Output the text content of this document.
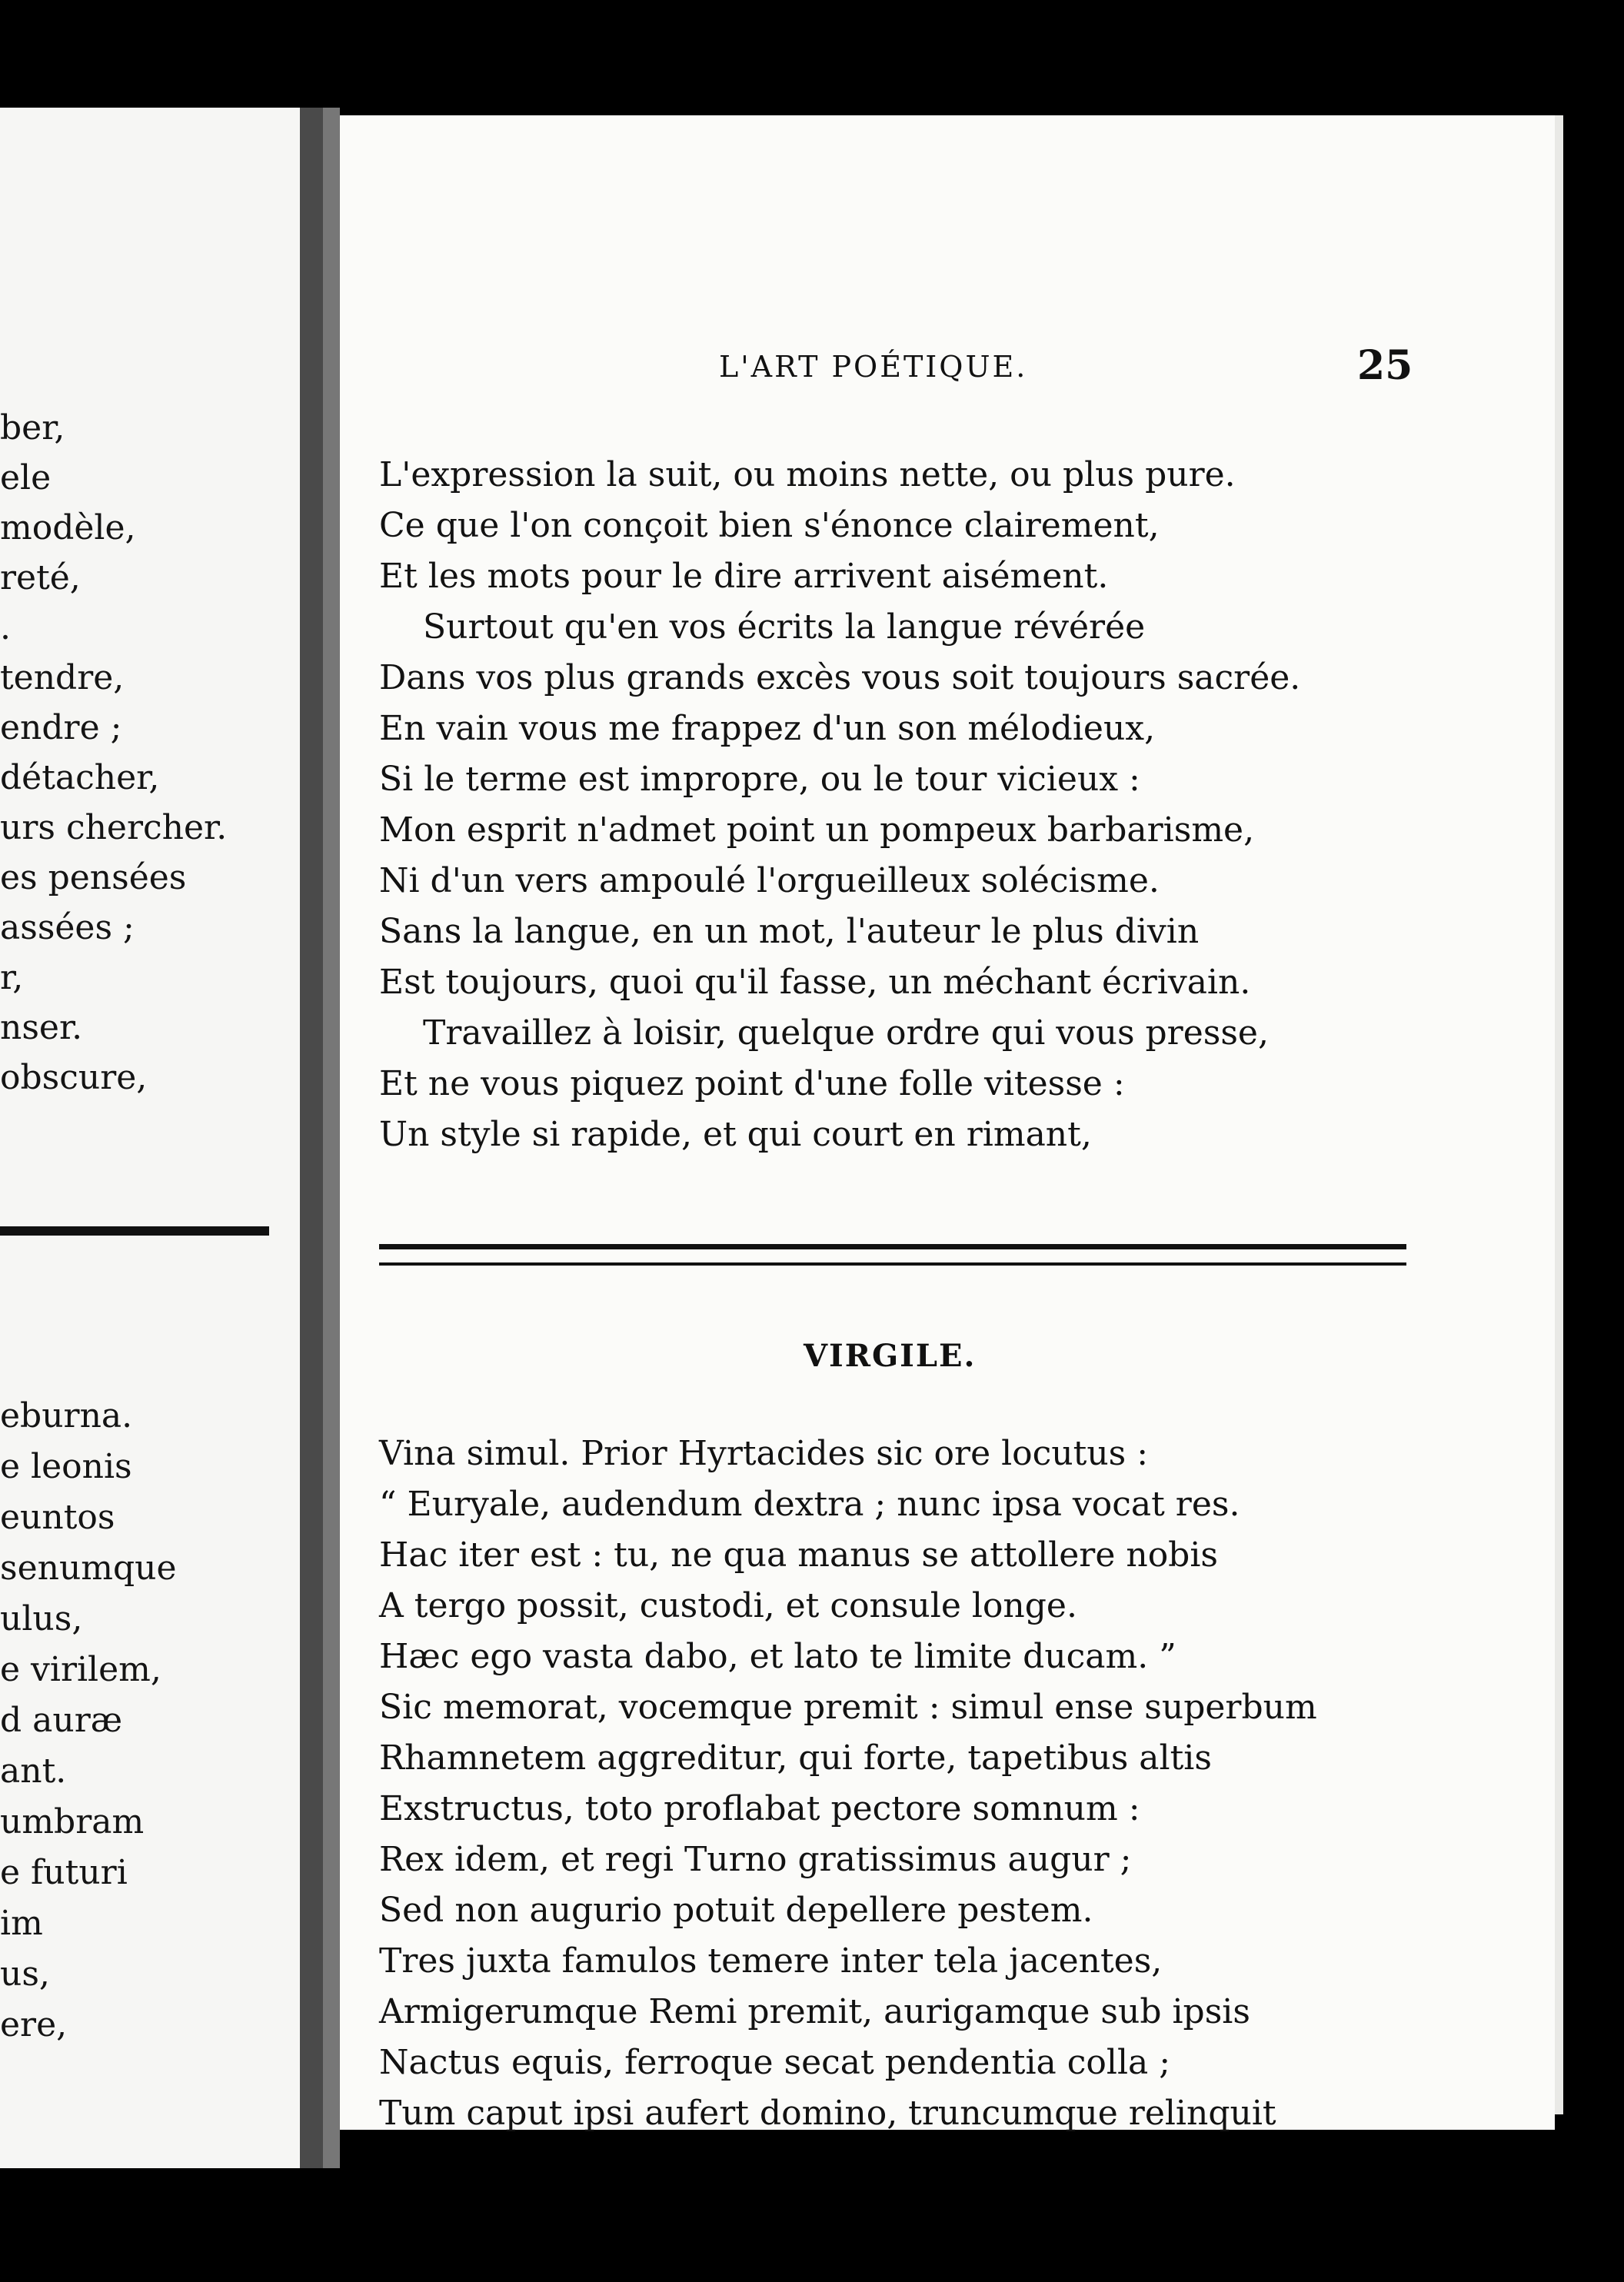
ber,
ele
modèle,
reté,
.
tendre,
endre ;
détacher,
urs chercher.
es pensées
assées ;
r,
nser.
obscure,
eburna.
e leonis
euntos
senumque
ulus,
e virilem,
d auræ
ant.
umbram
e futuri
im
us,
ere,
L'ART POÉTIQUE.	25
L'expression la suit, ou moins nette, ou plus pure.
Ce que l'on conçoit bien s'énonce clairement,
Et les mots pour le dire arrivent aisément.
Surtout qu'en vos écrits la langue révérée
Dans vos plus grands excès vous soit toujours sacrée.
En vain vous me frappez d'un son mélodieux,
Si le terme est impropre, ou le tour vicieux :
Mon esprit n'admet point un pompeux barbarisme,
Ni d'un vers ampoulé l'orgueilleux solécisme.
Sans la langue, en un mot, l'auteur le plus divin
Est toujours, quoi qu'il fasse, un méchant écrivain.
Travaillez à loisir, quelque ordre qui vous presse,
Et ne vous piquez point d'une folle vitesse :
Un style si rapide, et qui court en rimant,
VIRGILE.
Vina simul. Prior Hyrtacides sic ore locutus :
“ Euryale, audendum dextra ; nunc ipsa vocat res.
Hac iter est : tu, ne qua manus se attollere nobis
A tergo possit, custodi, et consule longe.
Hæc ego vasta dabo, et lato te limite ducam. ”
Sic memorat, vocemque premit : simul ense superbum
Rhamnetem aggreditur, qui forte, tapetibus altis
Exstructus, toto proflabat pectore somnum :
Rex idem, et regi Turno gratissimus augur ;
Sed non augurio potuit depellere pestem.
Tres juxta famulos temere inter tela jacentes,
Armigerumque Remi premit, aurigamque sub ipsis
Nactus equis, ferroque secat pendentia colla ;
Tum caput ipsi aufert domino, truncumque relinquit
